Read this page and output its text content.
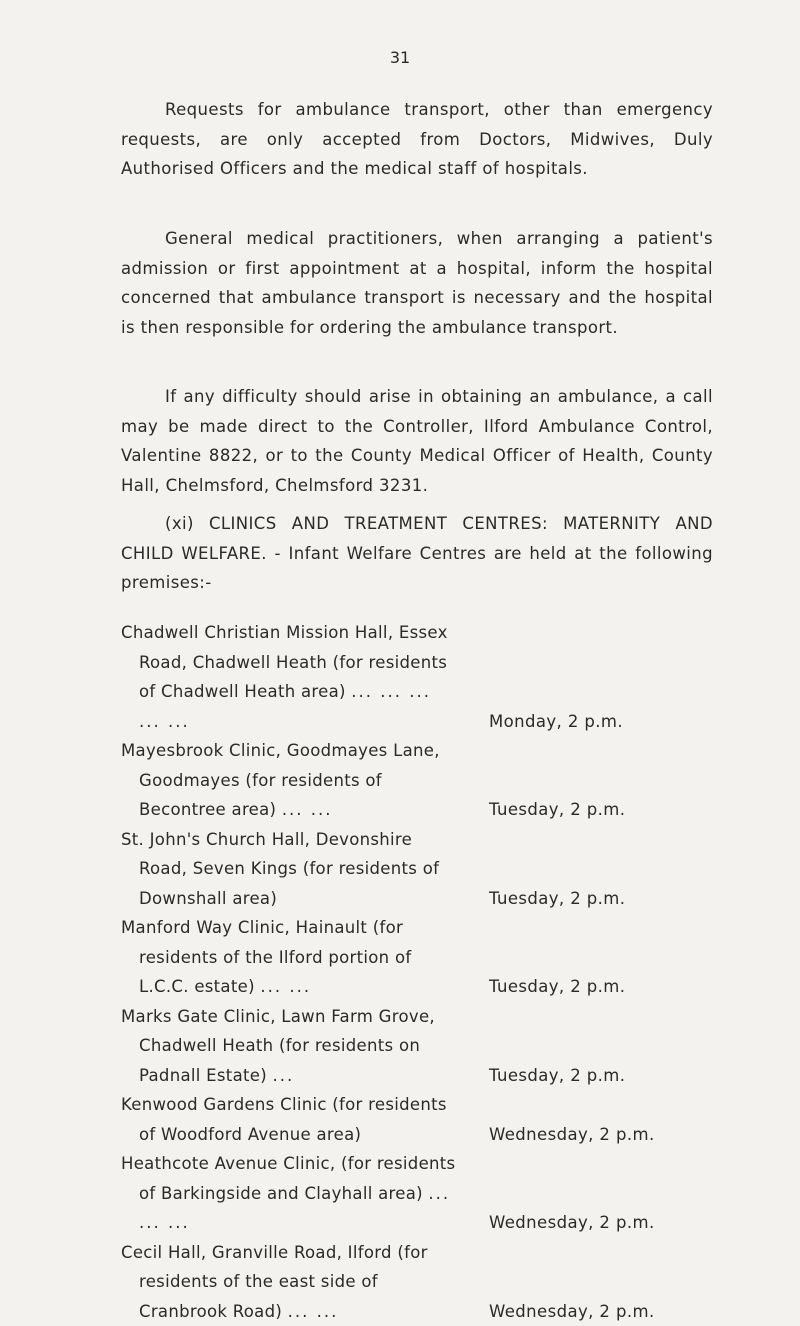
31

Requests for ambulance transport, other than emergency requests, are only accepted from Doctors, Midwives, Duly Authorised Officers and the medical staff of hospitals.

General medical practitioners, when arranging a patient's admission or first appointment at a hospital, inform the hospital concerned that ambulance transport is necessary and the hospital is then responsible for ordering the ambulance transport.

If any difficulty should arise in obtaining an ambulance, a call may be made direct to the Controller, Ilford Ambulance Control, Valentine 8822, or to the County Medical Officer of Health, County Hall, Chelmsford, Chelmsford 3231.

(xi) CLINICS AND TREATMENT CENTRES: MATERNITY AND CHILD WELFARE. - Infant Welfare Centres are held at the following premises:-

Chadwell Christian Mission Hall, Essex Road, Chadwell Heath (for residents of Chadwell Heath area) ... ... ... ... ...	Monday, 2 p.m.
Mayesbrook Clinic, Goodmayes Lane, Goodmayes (for residents of Becontree area) ... ...	Tuesday, 2 p.m.
St. John's Church Hall, Devonshire Road, Seven Kings (for residents of Downshall area)	Tuesday, 2 p.m.
Manford Way Clinic, Hainault (for residents of the Ilford portion of L.C.C. estate) ... ...	Tuesday, 2 p.m.
Marks Gate Clinic, Lawn Farm Grove, Chadwell Heath (for residents on Padnall Estate) ...	Tuesday, 2 p.m.
Kenwood Gardens Clinic (for residents of Woodford Avenue area)	Wednesday, 2 p.m.
Heathcote Avenue Clinic, (for residents of Barkingside and Clayhall area) ... ... ...	Wednesday, 2 p.m.
Cecil Hall, Granville Road, Ilford (for residents of the east side of Cranbrook Road) ... ...	Wednesday, 2 p.m.
